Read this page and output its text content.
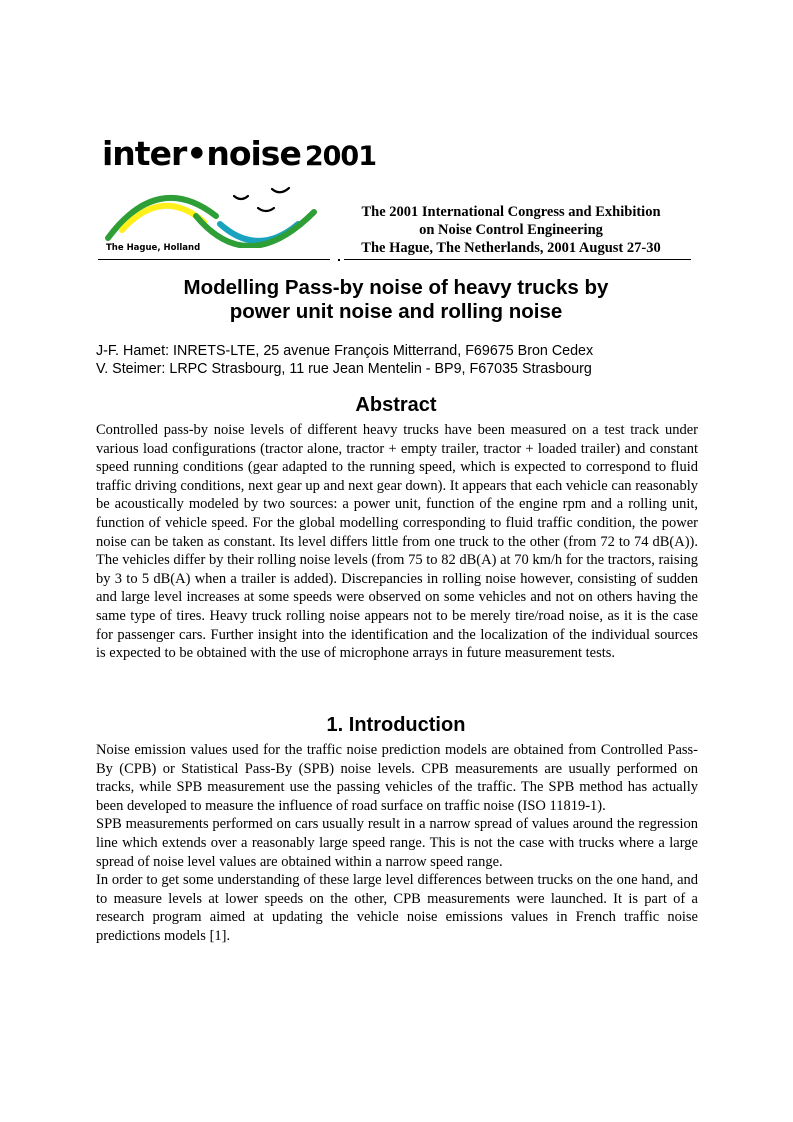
inter•noise 2001
The Hague, Holland
The 2001 International Congress and Exhibition
on Noise Control Engineering
The Hague, The Netherlands, 2001 August 27-30
Modelling Pass-by noise of heavy trucks by
power unit noise and rolling noise
J-F. Hamet: INRETS-LTE, 25 avenue François Mitterrand, F69675 Bron Cedex
V. Steimer: LRPC Strasbourg, 11 rue Jean Mentelin - BP9, F67035 Strasbourg
Abstract

Controlled pass-by noise levels of different heavy trucks have been measured on a test track under various load configurations (tractor alone, tractor + empty trailer, tractor + loaded trailer) and constant speed running conditions (gear adapted to the running speed, which is expected to correspond to fluid traffic driving conditions, next gear up and next gear down). It appears that each vehicle can reasonably be acoustically modeled by two sources: a power unit, function of the engine rpm and a rolling unit, function of vehicle speed. For the global modelling corresponding to fluid traffic condition, the power noise can be taken as constant. Its level differs little from one truck to the other (from 72 to 74 dB(A)). The vehicles differ by their rolling noise levels (from 75 to 82 dB(A) at 70 km/h for the tractors, raising by 3 to 5 dB(A) when a trailer is added). Discrepancies in rolling noise however, consisting of sudden and large level increases at some speeds were observed on some vehicles and not on others having the same type of tires. Heavy truck rolling noise appears not to be merely tire/road noise, as it is the case for passenger cars. Further insight into the identification and the localization of the individual sources is expected to be obtained with the use of microphone arrays in future measurement tests.

1. Introduction

Noise emission values used for the traffic noise prediction models are obtained from Controlled Pass-By (CPB) or Statistical Pass-By (SPB) noise levels. CPB measurements are usually performed on tracks, while SPB measurement use the passing vehicles of the traffic. The SPB method has actually been developed to measure the influence of road surface on traffic noise (ISO 11819-1).

SPB measurements performed on cars usually result in a narrow spread of values around the regression line which extends over a reasonably large speed range. This is not the case with trucks where a large spread of noise level values are obtained within a narrow speed range.

In order to get some understanding of these large level differences between trucks on the one hand, and to measure levels at lower speeds on the other, CPB measurements were launched. It is part of a research program aimed at updating the vehicle noise emissions values in French traffic noise predictions models [1].
